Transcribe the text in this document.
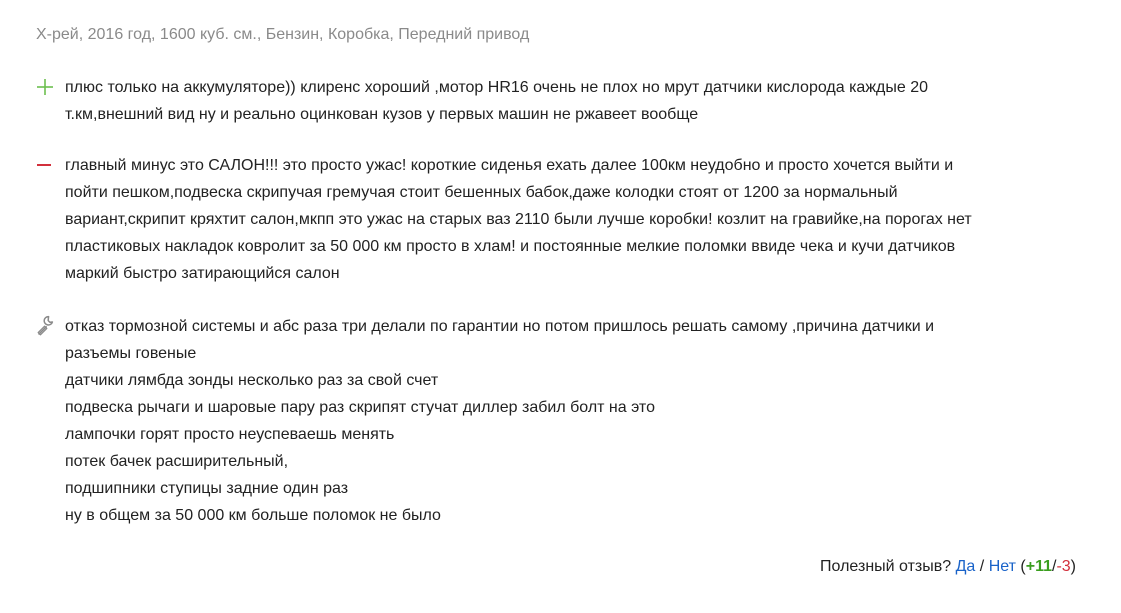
X-рей, 2016 год, 1600 куб. см., Бензин, Коробка, Передний привод
плюс только на аккумуляторе)) клиренс хороший ,мотор HR16 очень не плох но мрут датчики кислорода каждые 20
т.км,внешний вид ну и реально оцинкован кузов у первых машин не ржавеет вообще
главный минус это САЛОН!!! это просто ужас! короткие сиденья ехать далее 100км неудобно и просто хочется выйти и
пойти пешком,подвеска скрипучая гремучая стоит бешенных бабок,даже колодки стоят от 1200 за нормальный
вариант,скрипит кряхтит салон,мкпп это ужас на старых ваз 2110 были лучше коробки! козлит на гравийке,на порогах нет
пластиковых накладок ковролит за 50 000 км просто в хлам! и постоянные мелкие поломки ввиде чека и кучи датчиков
маркий быстро затирающийся салон
отказ тормозной системы и абс раза три делали по гарантии но потом пришлось решать самому ,причина датчики и
разъемы говеные
датчики лямбда зонды несколько раз за свой счет
подвеска рычаги и шаровые пару раз скрипят стучат диллер забил болт на это
лампочки горят просто неуспеваешь менять
потек бачек расширительный,
подшипники ступицы задние один раз
ну в общем за 50 000 км больше поломок не было
Полезный отзыв? Да / Нет (+11/-3)
